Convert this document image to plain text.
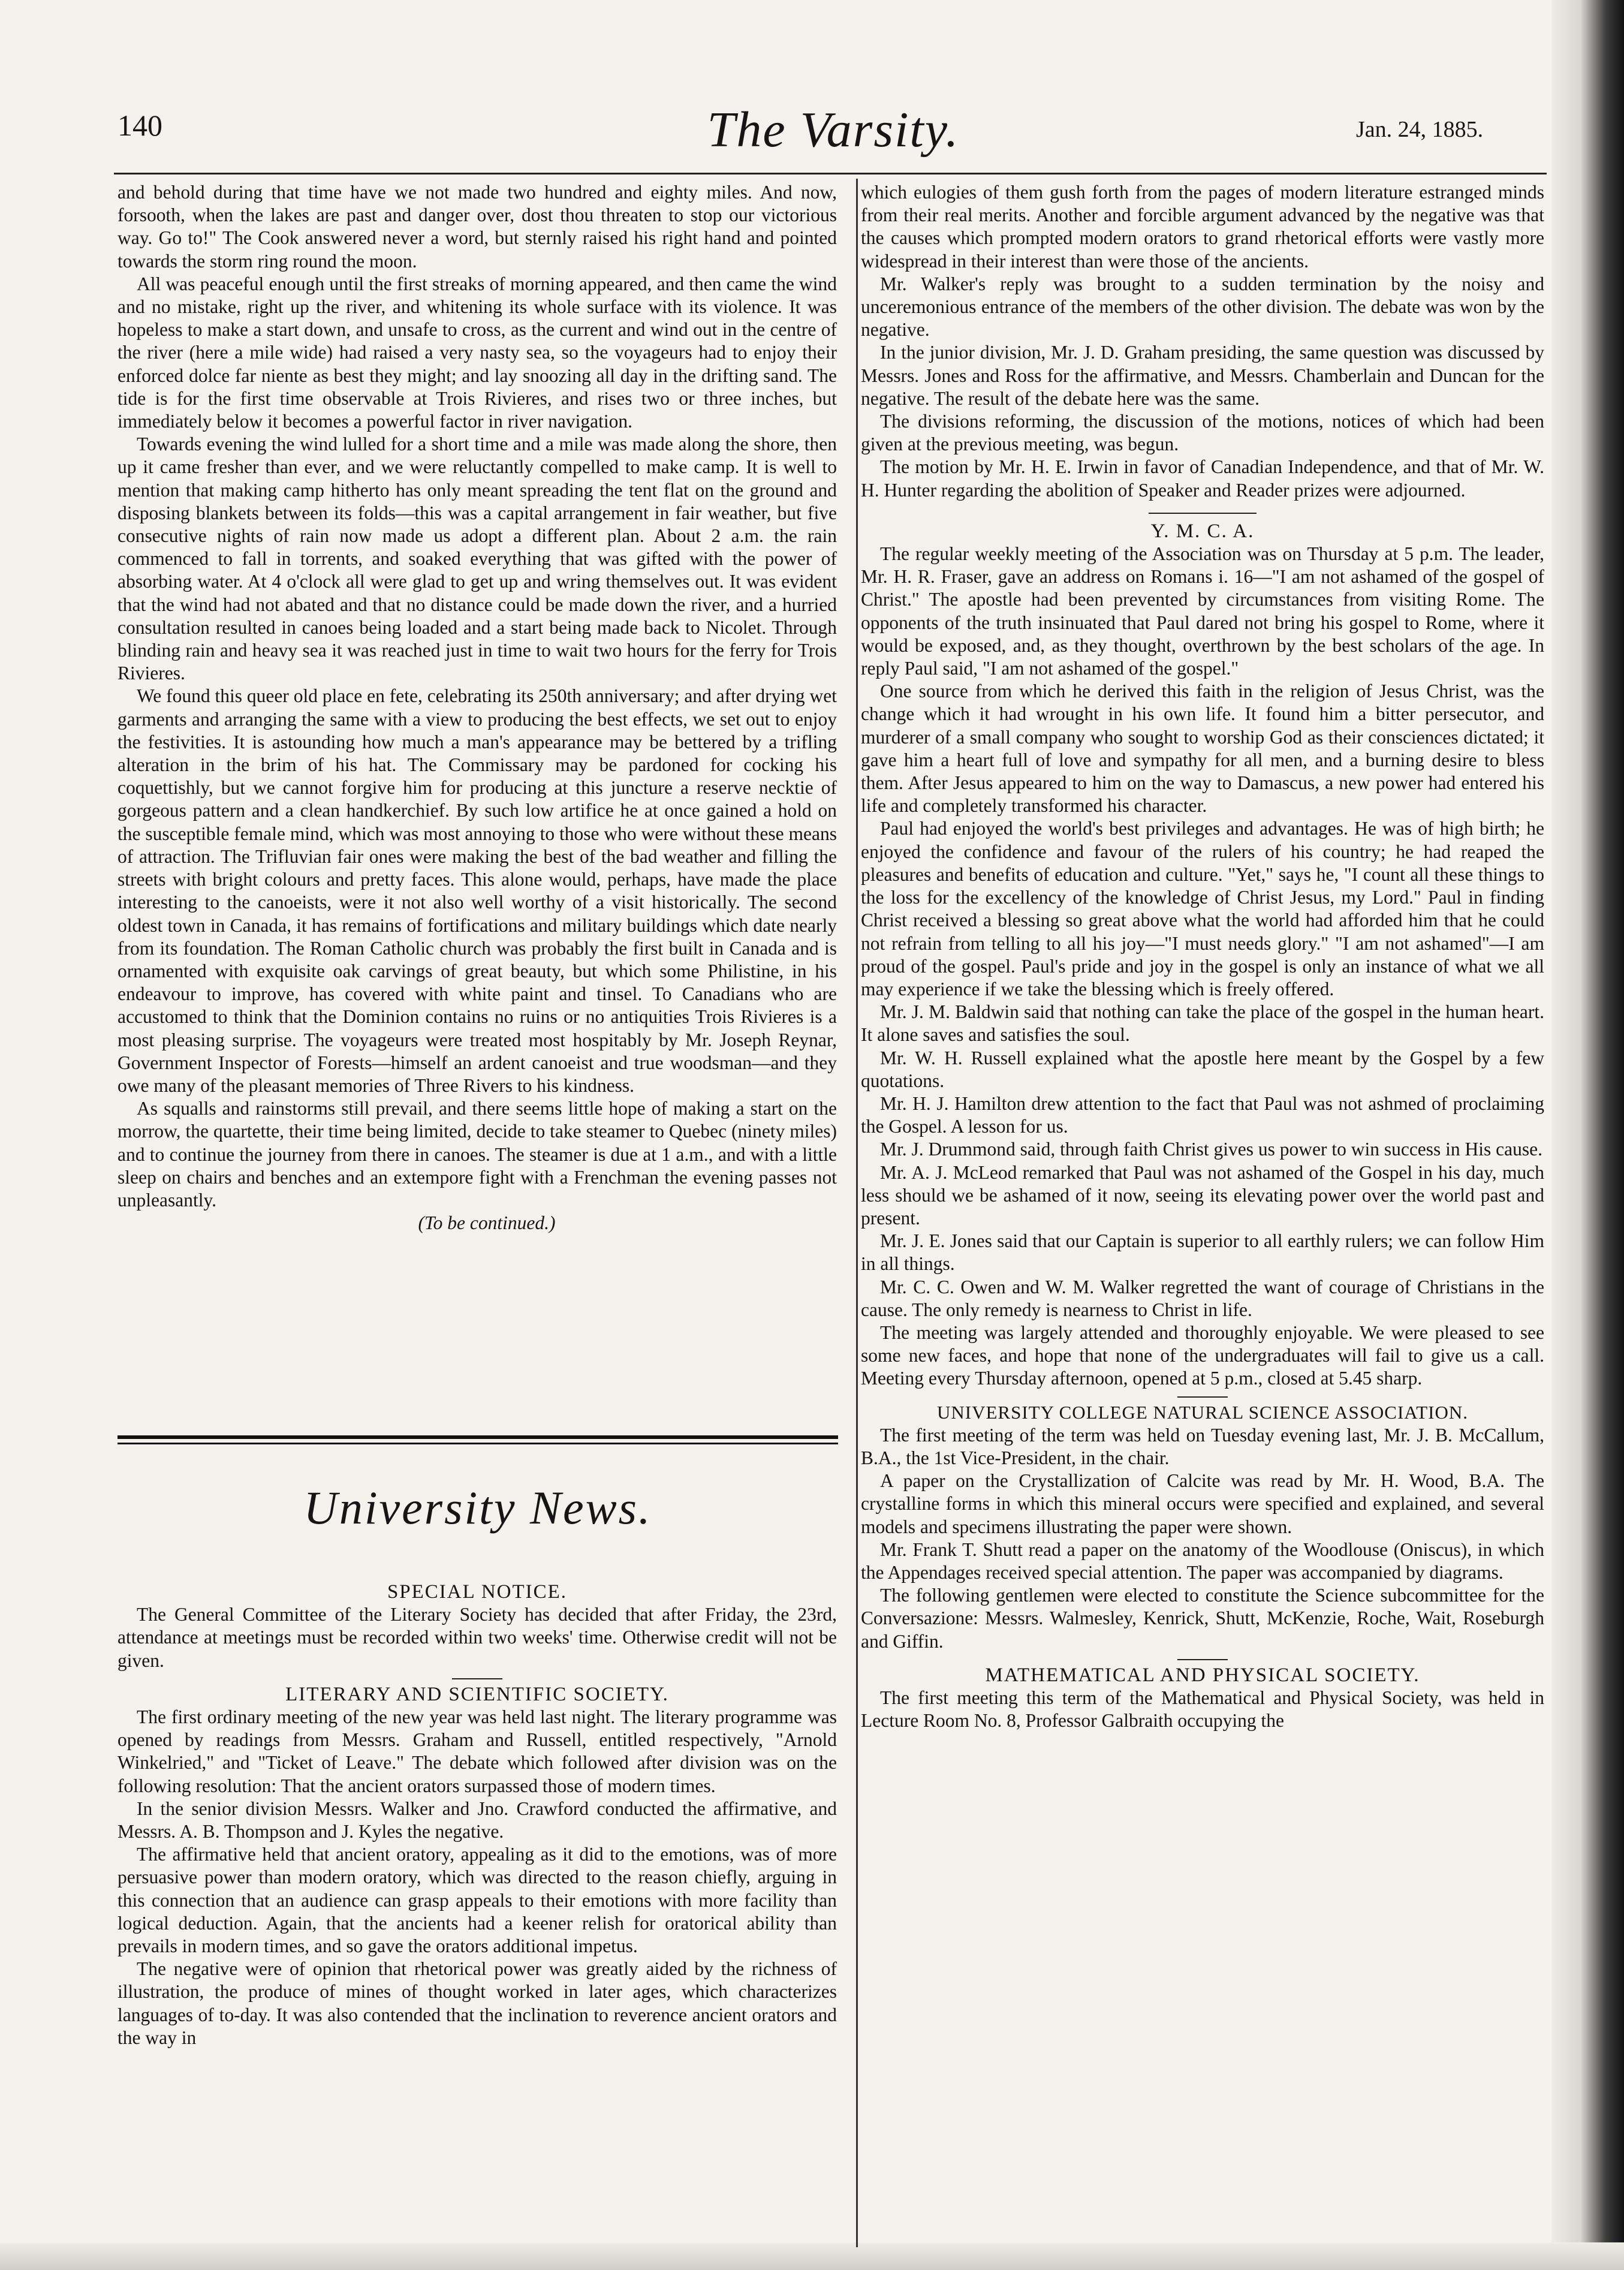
140	The Varsity.	Jan. 24, 1885.

and behold during that time have we not made two hundred and eighty miles. And now, forsooth, when the lakes are past and danger over, dost thou threaten to stop our victorious way. Go to!" The Cook answered never a word, but sternly raised his right hand and pointed towards the storm ring round the moon.

All was peaceful enough until the first streaks of morning appeared, and then came the wind and no mistake, right up the river, and whitening its whole surface with its violence. It was hopeless to make a start down, and unsafe to cross, as the current and wind out in the centre of the river (here a mile wide) had raised a very nasty sea, so the voyageurs had to enjoy their enforced dolce far niente as best they might; and lay snoozing all day in the drifting sand. The tide is for the first time observable at Trois Rivieres, and rises two or three inches, but immediately below it becomes a powerful factor in river navigation.

Towards evening the wind lulled for a short time and a mile was made along the shore, then up it came fresher than ever, and we were reluctantly compelled to make camp. It is well to mention that making camp hitherto has only meant spreading the tent flat on the ground and disposing blankets between its folds—this was a capital arrangement in fair weather, but five consecutive nights of rain now made us adopt a different plan. About 2 a.m. the rain commenced to fall in torrents, and soaked everything that was gifted with the power of absorbing water. At 4 o'clock all were glad to get up and wring themselves out. It was evident that the wind had not abated and that no distance could be made down the river, and a hurried consultation resulted in canoes being loaded and a start being made back to Nicolet. Through blinding rain and heavy sea it was reached just in time to wait two hours for the ferry for Trois Rivieres.

We found this queer old place en fete, celebrating its 250th anniversary; and after drying wet garments and arranging the same with a view to producing the best effects, we set out to enjoy the festivities. It is astounding how much a man's appearance may be bettered by a trifling alteration in the brim of his hat. The Commissary may be pardoned for cocking his coquettishly, but we cannot forgive him for producing at this juncture a reserve necktie of gorgeous pattern and a clean handkerchief. By such low artifice he at once gained a hold on the susceptible female mind, which was most annoying to those who were without these means of attraction. The Trifluvian fair ones were making the best of the bad weather and filling the streets with bright colours and pretty faces. This alone would, perhaps, have made the place interesting to the canoeists, were it not also well worthy of a visit historically. The second oldest town in Canada, it has remains of fortifications and military buildings which date nearly from its foundation. The Roman Catholic church was probably the first built in Canada and is ornamented with exquisite oak carvings of great beauty, but which some Philistine, in his endeavour to improve, has covered with white paint and tinsel. To Canadians who are accustomed to think that the Dominion contains no ruins or no antiquities Trois Rivieres is a most pleasing surprise. The voyageurs were treated most hospitably by Mr. Joseph Reynar, Government Inspector of Forests—himself an ardent canoeist and true woodsman—and they owe many of the pleasant memories of Three Rivers to his kindness.

As squalls and rainstorms still prevail, and there seems little hope of making a start on the morrow, the quartette, their time being limited, decide to take steamer to Quebec (ninety miles) and to continue the journey from there in canoes. The steamer is due at 1 a.m., and with a little sleep on chairs and benches and an extempore fight with a Frenchman the evening passes not unpleasantly.

(To be continued.)

University News.

SPECIAL NOTICE.

The General Committee of the Literary Society has decided that after Friday, the 23rd, attendance at meetings must be recorded within two weeks' time. Otherwise credit will not be given.

LITERARY AND SCIENTIFIC SOCIETY.

The first ordinary meeting of the new year was held last night. The literary programme was opened by readings from Messrs. Graham and Russell, entitled respectively, "Arnold Winkelried," and "Ticket of Leave." The debate which followed after division was on the following resolution: That the ancient orators surpassed those of modern times.

In the senior division Messrs. Walker and Jno. Crawford conducted the affirmative, and Messrs. A. B. Thompson and J. Kyles the negative.

The affirmative held that ancient oratory, appealing as it did to the emotions, was of more persuasive power than modern oratory, which was directed to the reason chiefly, arguing in this connection that an audience can grasp appeals to their emotions with more facility than logical deduction. Again, that the ancients had a keener relish for oratorical ability than prevails in modern times, and so gave the orators additional impetus.

The negative were of opinion that rhetorical power was greatly aided by the richness of illustration, the produce of mines of thought worked in later ages, which characterizes languages of to-day. It was also contended that the inclination to reverence ancient orators and the way in

which eulogies of them gush forth from the pages of modern literature estranged minds from their real merits. Another and forcible argument advanced by the negative was that the causes which prompted modern orators to grand rhetorical efforts were vastly more widespread in their interest than were those of the ancients.

Mr. Walker's reply was brought to a sudden termination by the noisy and unceremonious entrance of the members of the other division. The debate was won by the negative.

In the junior division, Mr. J. D. Graham presiding, the same question was discussed by Messrs. Jones and Ross for the affirmative, and Messrs. Chamberlain and Duncan for the negative. The result of the debate here was the same.

The divisions reforming, the discussion of the motions, notices of which had been given at the previous meeting, was begun.

The motion by Mr. H. E. Irwin in favor of Canadian Independence, and that of Mr. W. H. Hunter regarding the abolition of Speaker and Reader prizes were adjourned.

Y. M. C. A.

The regular weekly meeting of the Association was on Thursday at 5 p.m. The leader, Mr. H. R. Fraser, gave an address on Romans i. 16—"I am not ashamed of the gospel of Christ." The apostle had been prevented by circumstances from visiting Rome. The opponents of the truth insinuated that Paul dared not bring his gospel to Rome, where it would be exposed, and, as they thought, overthrown by the best scholars of the age. In reply Paul said, "I am not ashamed of the gospel."

One source from which he derived this faith in the religion of Jesus Christ, was the change which it had wrought in his own life. It found him a bitter persecutor, and murderer of a small company who sought to worship God as their consciences dictated; it gave him a heart full of love and sympathy for all men, and a burning desire to bless them. After Jesus appeared to him on the way to Damascus, a new power had entered his life and completely transformed his character.

Paul had enjoyed the world's best privileges and advantages. He was of high birth; he enjoyed the confidence and favour of the rulers of his country; he had reaped the pleasures and benefits of education and culture. "Yet," says he, "I count all these things to the loss for the excellency of the knowledge of Christ Jesus, my Lord." Paul in finding Christ received a blessing so great above what the world had afforded him that he could not refrain from telling to all his joy—"I must needs glory." "I am not ashamed"—I am proud of the gospel. Paul's pride and joy in the gospel is only an instance of what we all may experience if we take the blessing which is freely offered.

Mr. J. M. Baldwin said that nothing can take the place of the gospel in the human heart. It alone saves and satisfies the soul.

Mr. W. H. Russell explained what the apostle here meant by the Gospel by a few quotations.

Mr. H. J. Hamilton drew attention to the fact that Paul was not ashmed of proclaiming the Gospel. A lesson for us.

Mr. J. Drummond said, through faith Christ gives us power to win success in His cause.

Mr. A. J. McLeod remarked that Paul was not ashamed of the Gospel in his day, much less should we be ashamed of it now, seeing its elevating power over the world past and present.

Mr. J. E. Jones said that our Captain is superior to all earthly rulers; we can follow Him in all things.

Mr. C. C. Owen and W. M. Walker regretted the want of courage of Christians in the cause. The only remedy is nearness to Christ in life.

The meeting was largely attended and thoroughly enjoyable. We were pleased to see some new faces, and hope that none of the undergraduates will fail to give us a call. Meeting every Thursday afternoon, opened at 5 p.m., closed at 5.45 sharp.

UNIVERSITY COLLEGE NATURAL SCIENCE ASSOCIATION.

The first meeting of the term was held on Tuesday evening last, Mr. J. B. McCallum, B.A., the 1st Vice-President, in the chair.

A paper on the Crystallization of Calcite was read by Mr. H. Wood, B.A. The crystalline forms in which this mineral occurs were specified and explained, and several models and specimens illustrating the paper were shown.

Mr. Frank T. Shutt read a paper on the anatomy of the Woodlouse (Oniscus), in which the Appendages received special attention. The paper was accompanied by diagrams.

The following gentlemen were elected to constitute the Science subcommittee for the Conversazione: Messrs. Walmesley, Kenrick, Shutt, McKenzie, Roche, Wait, Roseburgh and Giffin.

MATHEMATICAL AND PHYSICAL SOCIETY.

The first meeting this term of the Mathematical and Physical Society, was held in Lecture Room No. 8, Professor Galbraith occupying the
